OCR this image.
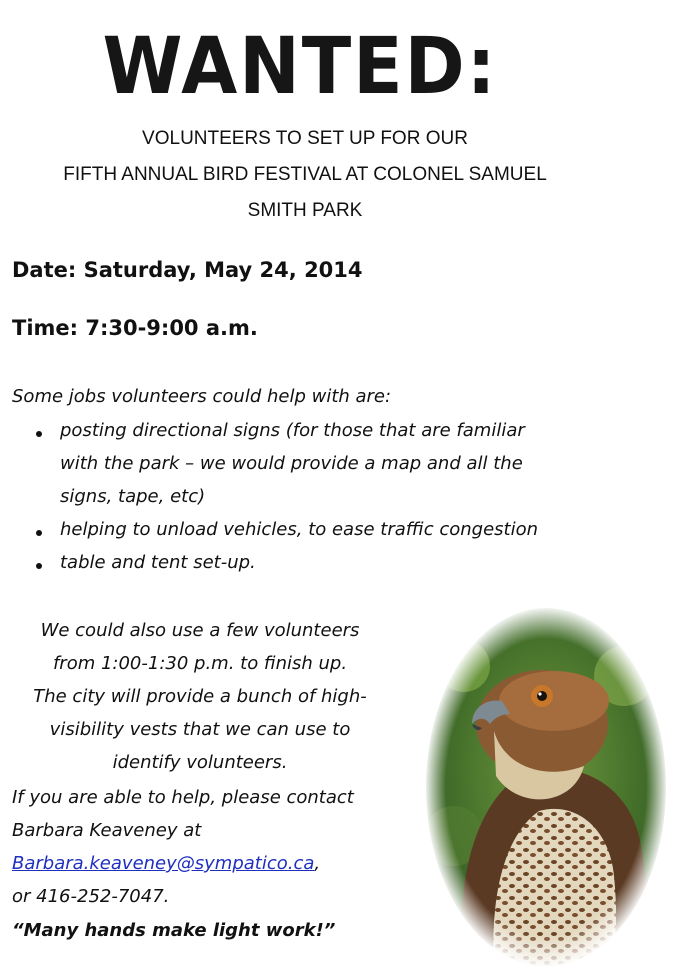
WANTED:
VOLUNTEERS TO SET UP FOR OUR
FIFTH ANNUAL BIRD FESTIVAL AT COLONEL SAMUEL
SMITH PARK
Date: Saturday, May 24, 2014
Time: 7:30-9:00 a.m.
Some jobs volunteers could help with are:
posting directional signs (for those that are familiar
with the park – we would provide a map and all the
signs, tape, etc)
helping to unload vehicles, to ease traffic congestion
table and tent set-up.
We could also use a few volunteers
from 1:00-1:30 p.m. to finish up.
The city will provide a bunch of high-
visibility vests that we can use to
identify volunteers.
If you are able to help, please contact
Barbara Keaveney at
Barbara.keaveney@sympatico.ca,
or 416-252-7047.
“Many hands make light work!”
